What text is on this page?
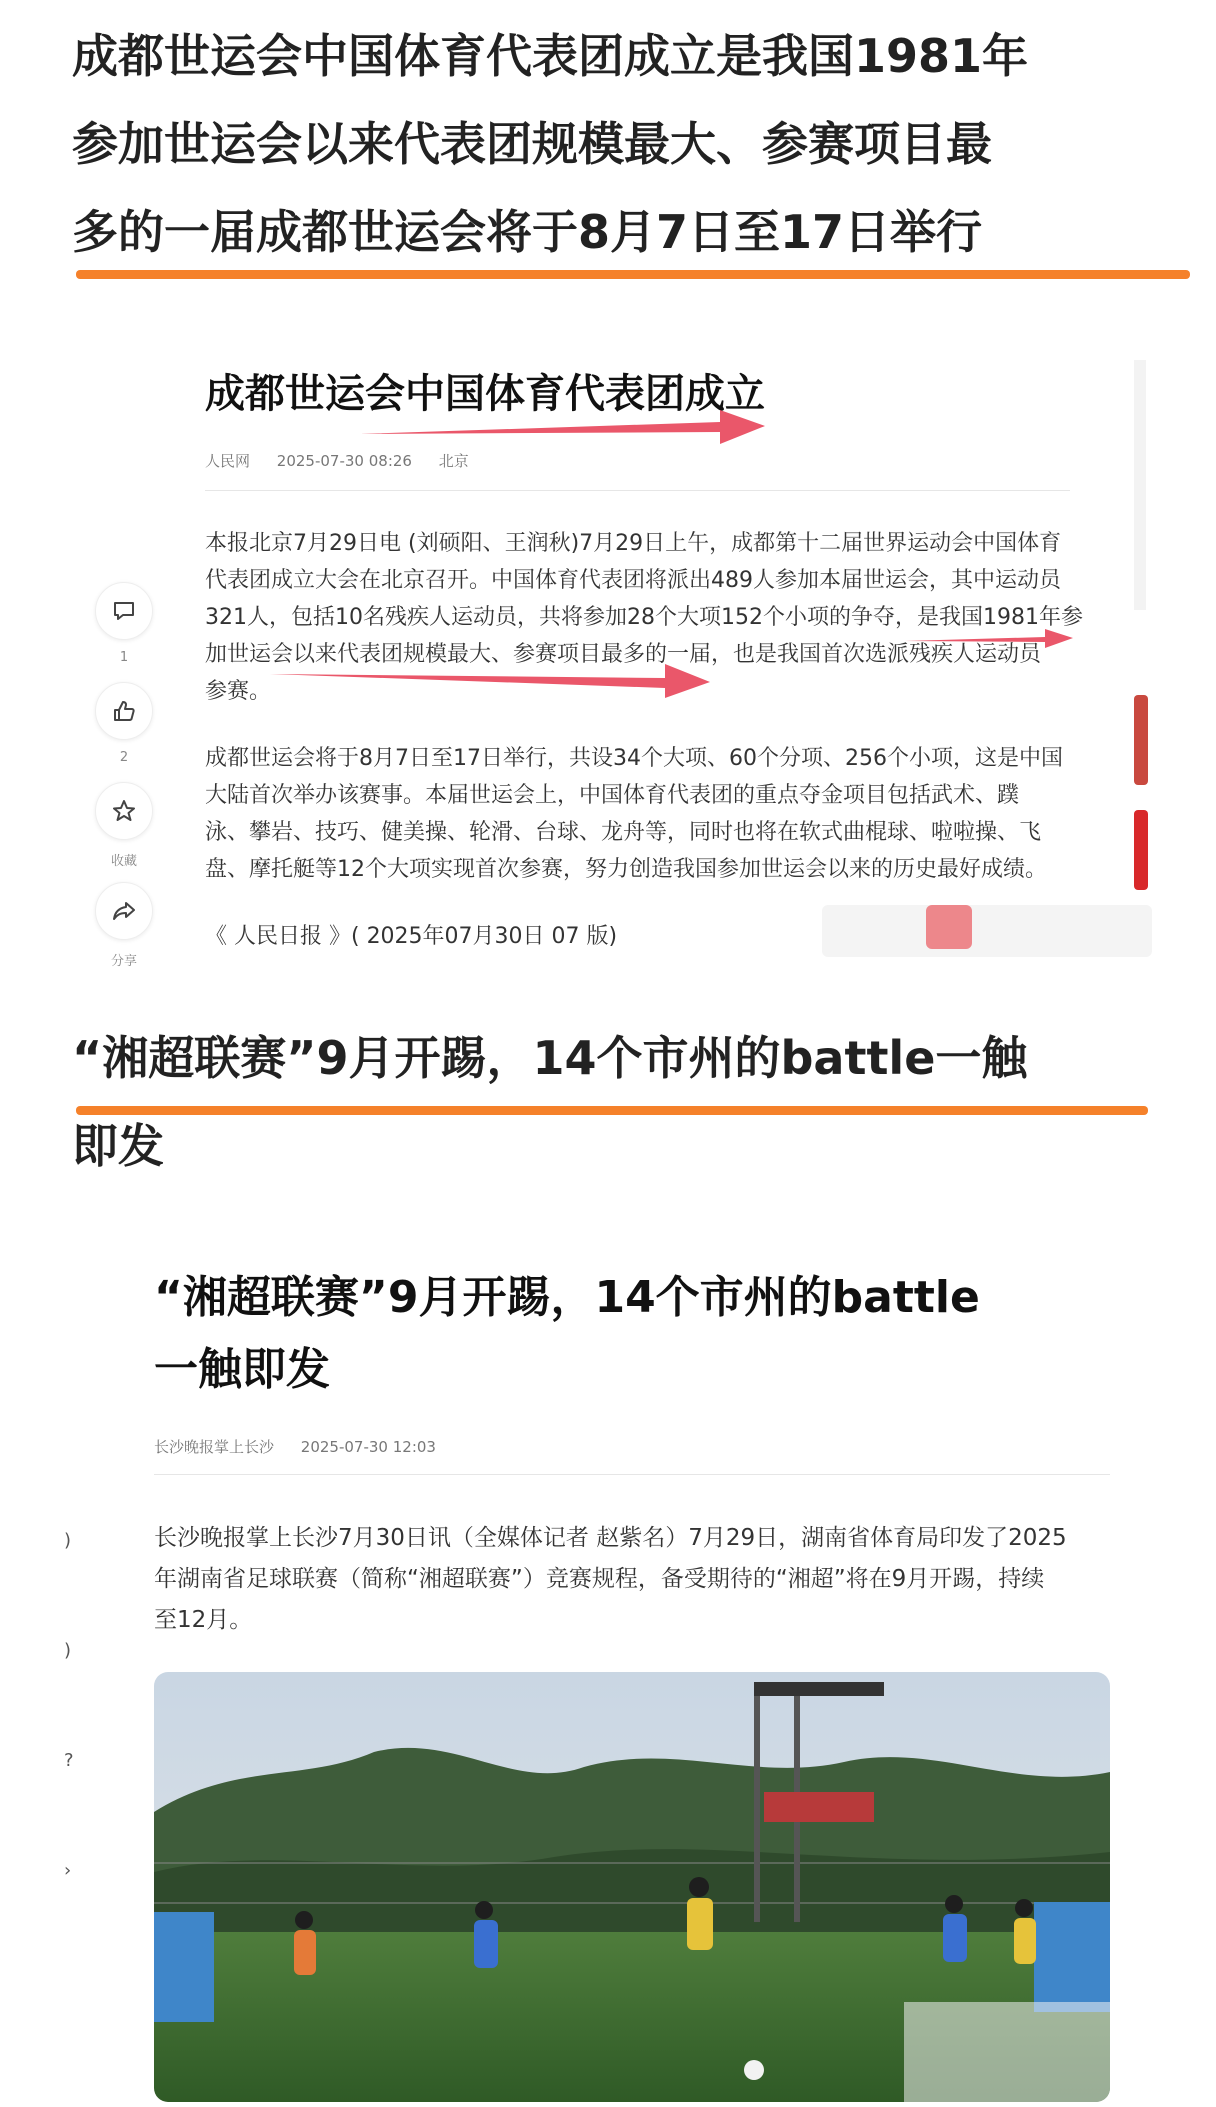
成都世运会中国体育代表团成立是我国1981年
参加世运会以来代表团规模最大、参赛项目最
多的一届成都世运会将于8月7日至17日举行
成都世运会中国体育代表团成立
人民网 2025-07-30 08:26 北京
本报北京7月29日电 (刘硕阳、王润秋)7月29日上午，成都第十二届世界运动会中国体育
代表团成立大会在北京召开。中国体育代表团将派出489人参加本届世运会，其中运动员
321人，包括10名残疾人运动员，共将参加28个大项152个小项的争夺，是我国1981年参
加世运会以来代表团规模最大、参赛项目最多的一届，也是我国首次选派残疾人运动员
参赛。
成都世运会将于8月7日至17日举行，共设34个大项、60个分项、256个小项，这是中国
大陆首次举办该赛事。本届世运会上，中国体育代表团的重点夺金项目包括武术、蹼
泳、攀岩、技巧、健美操、轮滑、台球、龙舟等，同时也将在软式曲棍球、啦啦操、飞
盘、摩托艇等12个大项实现首次参赛，努力创造我国参加世运会以来的历史最好成绩。
《 人民日报 》( 2025年07月30日 07 版)
1
2
收藏
分享
“湘超联赛”9月开踢，14个市州的battle一触
即发
“湘超联赛”9月开踢，14个市州的battle
一触即发
长沙晚报掌上长沙 2025-07-30 12:03
长沙晚报掌上长沙7月30日讯（全媒体记者 赵紫名）7月29日，湖南省体育局印发了2025
年湖南省足球联赛（简称“湘超联赛”）竞赛规程，备受期待的“湘超”将在9月开踢，持续
至12月。
)
)
?
›
